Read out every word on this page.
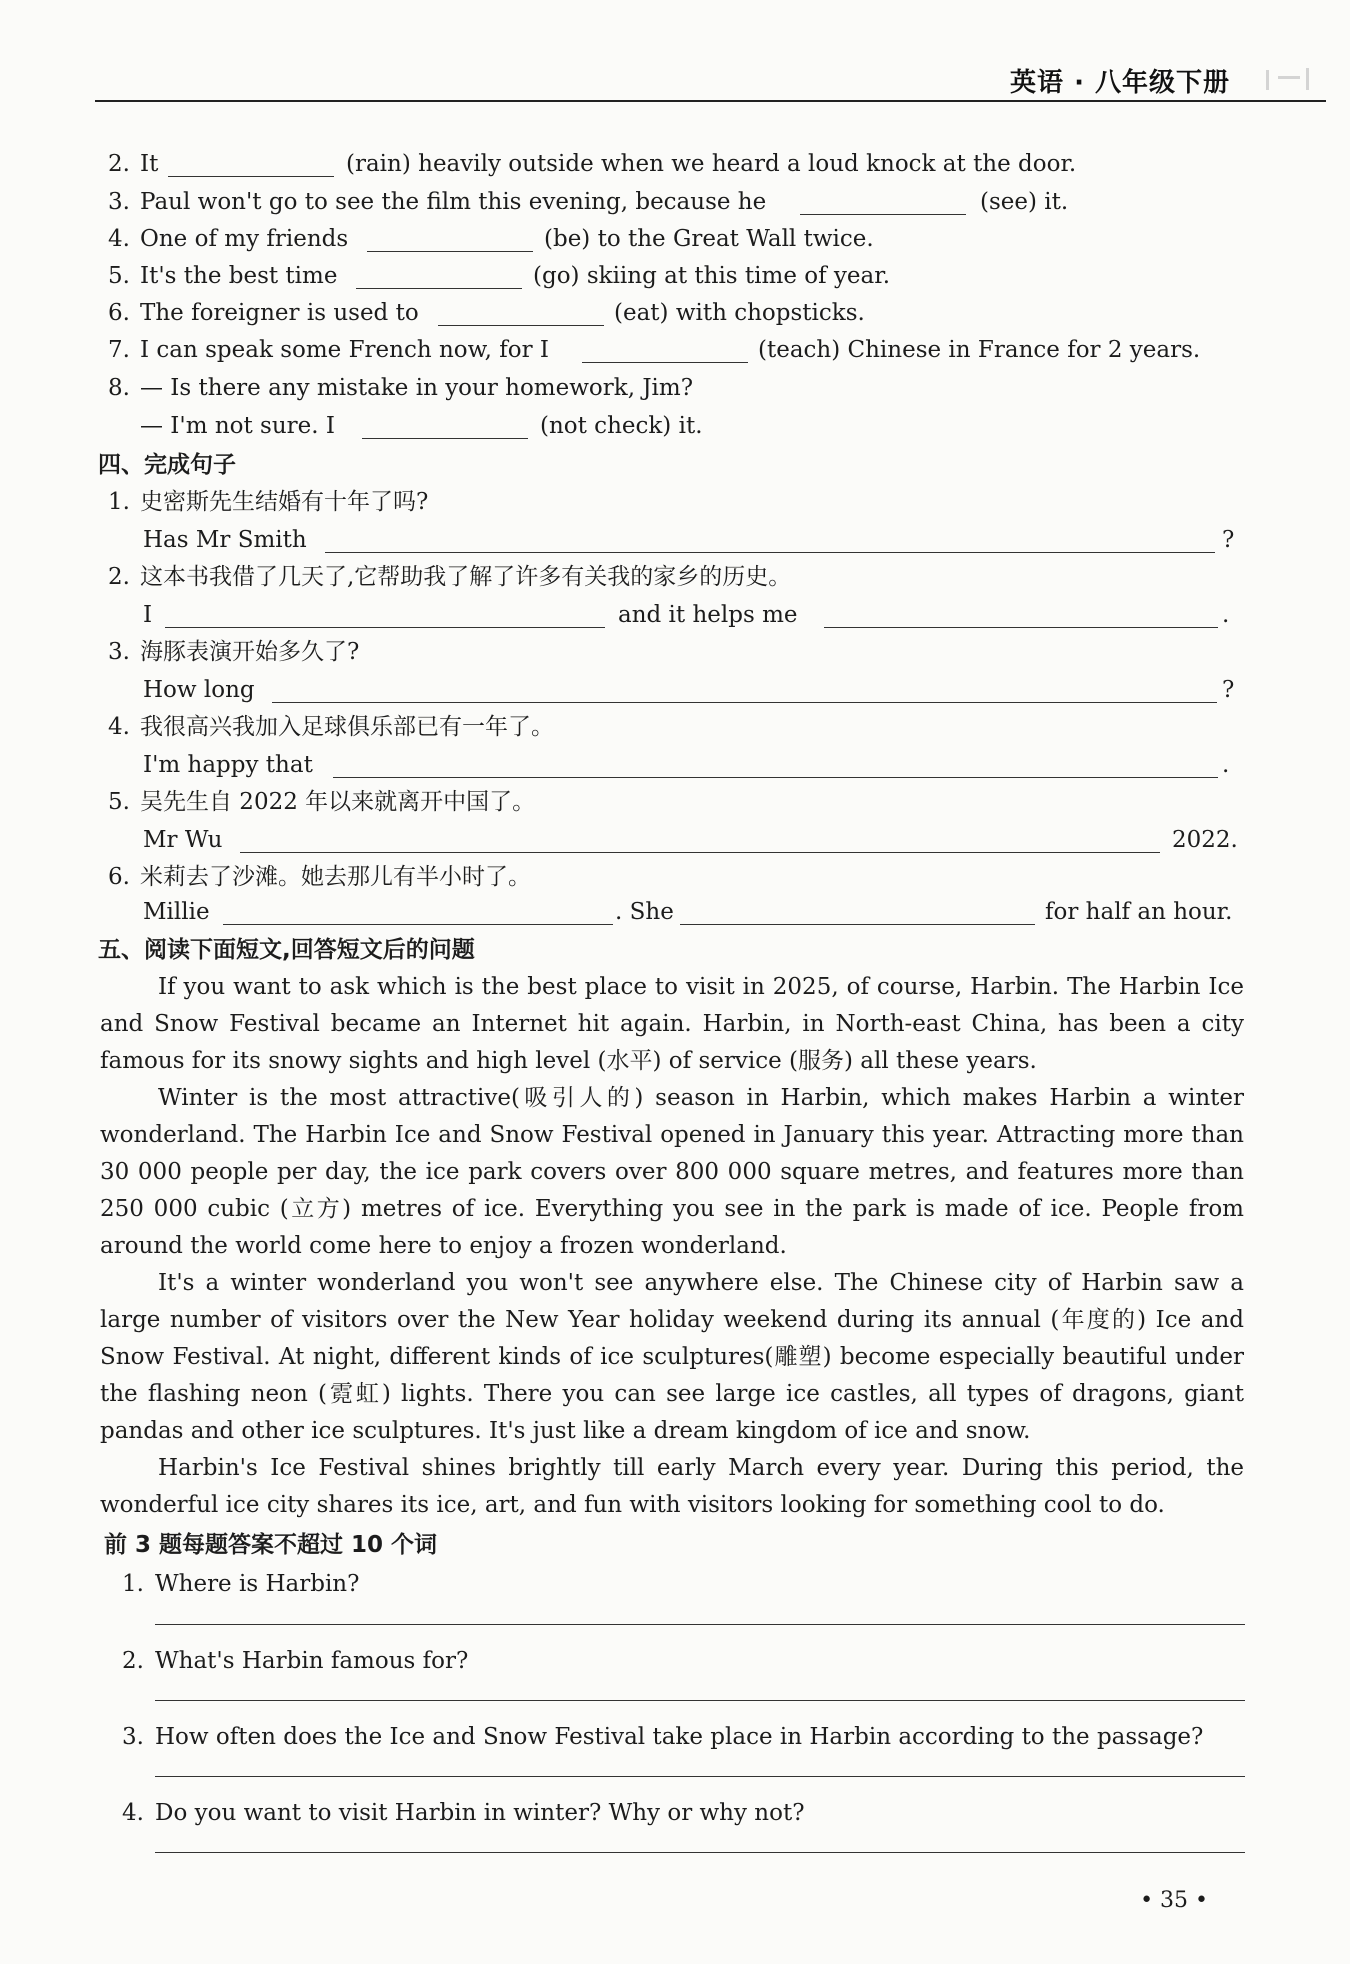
英语 · 八年级下册
2. It	(rain) heavily outside when we heard a loud knock at the door.
3. Paul won't go to see the film this evening, because he	(see) it.
4. One of my friends	(be) to the Great Wall twice.
5. It's the best time	(go) skiing at this time of year.
6. The foreigner is used to	(eat) with chopsticks.
7. I can speak some French now, for I	(teach) Chinese in France for 2 years.
8. — Is there any mistake in your homework, Jim?
— I'm not sure. I	(not check) it.
四、完成句子
1. 史密斯先生结婚有十年了吗?
Has Mr Smith	?
2. 这本书我借了几天了,它帮助我了解了许多有关我的家乡的历史。
I	and it helps me	.
3. 海豚表演开始多久了?
How long	?
4. 我很高兴我加入足球俱乐部已有一年了。
I'm happy that	.
5. 吴先生自 2022 年以来就离开中国了。
Mr Wu	2022.
6. 米莉去了沙滩。她去那儿有半小时了。
Millie	. She	for half an hour.
五、阅读下面短文,回答短文后的问题

If you want to ask which is the best place to visit in 2025, of course, Harbin. The Harbin Ice and Snow Festival became an Internet hit again. Harbin, in North-east China, has been a city famous for its snowy sights and high level (水平) of service (服务) all these years.

Winter is the most attractive(吸引人的) season in Harbin, which makes Harbin a winter wonderland. The Harbin Ice and Snow Festival opened in January this year. Attracting more than 30 000 people per day, the ice park covers over 800 000 square metres, and features more than 250 000 cubic (立方) metres of ice. Everything you see in the park is made of ice. People from around the world come here to enjoy a frozen wonderland.

It's a winter wonderland you won't see anywhere else. The Chinese city of Harbin saw a large number of visitors over the New Year holiday weekend during its annual (年度的) Ice and Snow Festival. At night, different kinds of ice sculptures(雕塑) become especially beautiful under the flashing neon (霓虹) lights. There you can see large ice castles, all types of dragons, giant pandas and other ice sculptures. It's just like a dream kingdom of ice and snow.

Harbin's Ice Festival shines brightly till early March every year. During this period, the wonderful ice city shares its ice, art, and fun with visitors looking for something cool to do.

前 3 题每题答案不超过 10 个词
1. Where is Harbin?
2. What's Harbin famous for?
3. How often does the Ice and Snow Festival take place in Harbin according to the passage?
4. Do you want to visit Harbin in winter? Why or why not?
• 35 •
